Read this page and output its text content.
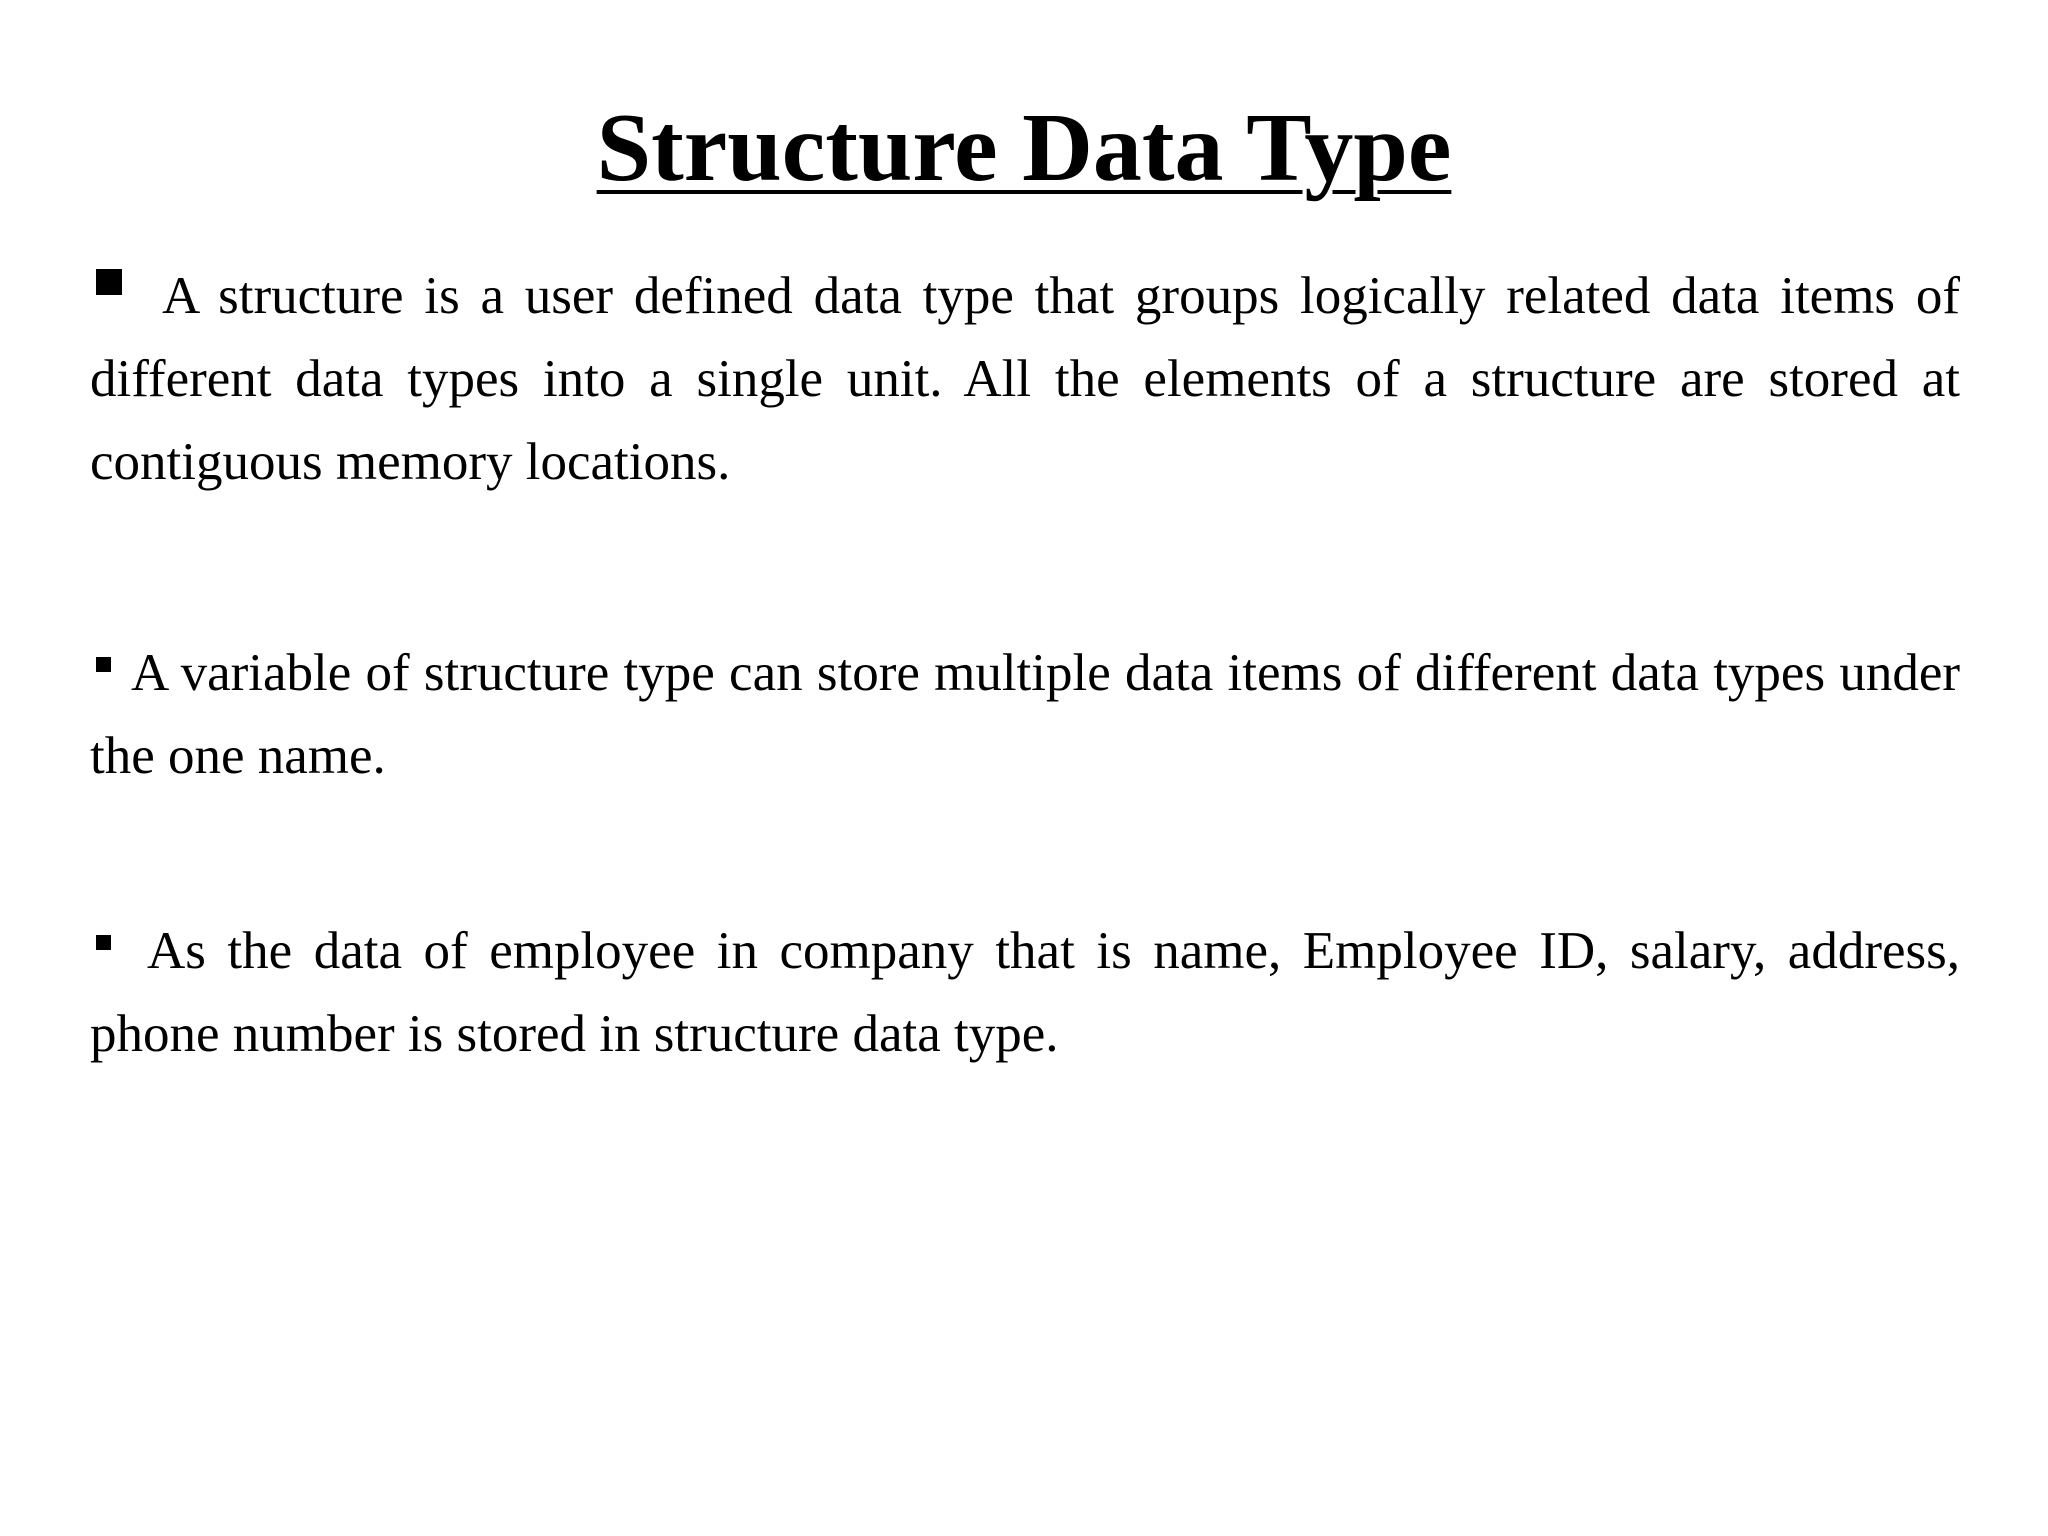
Structure Data Type
A structure is a user defined data type that groups logically related data items of different data types into a single unit. All the elements of a structure are stored at contiguous memory locations.
A variable of structure type can store multiple data items of different data types under the one name.
As the data of employee in company that is name, Employee ID, salary, address, phone number is stored in structure data type.
